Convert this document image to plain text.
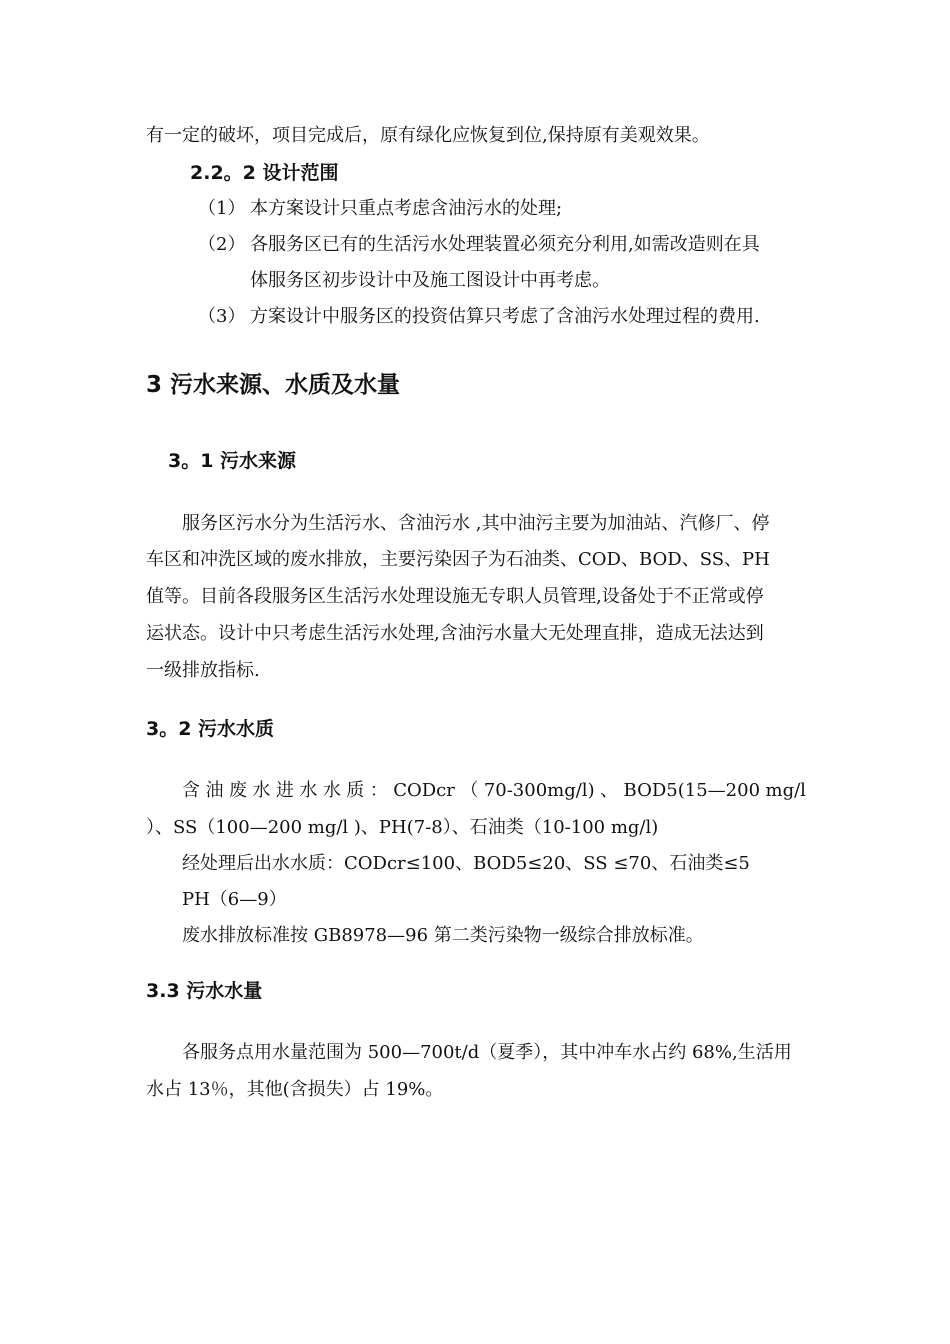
有一定的破坏，项目完成后，原有绿化应恢复到位,保持原有美观效果。
2.2。2 设计范围
（1） 本方案设计只重点考虑含油污水的处理;
（2） 各服务区已有的生活污水处理装置必须充分利用,如需改造则在具
体服务区初步设计中及施工图设计中再考虑。
（3） 方案设计中服务区的投资估算只考虑了含油污水处理过程的费用.
3 污水来源、水质及水量
3。1 污水来源
服务区污水分为生活污水、含油污水 ,其中油污主要为加油站、汽修厂、停
车区和冲洗区域的废水排放，主要污染因子为石油类、COD、BOD、SS、PH
值等。目前各段服务区生活污水处理设施无专职人员管理,设备处于不正常或停
运状态。设计中只考虑生活污水处理,含油污水量大无处理直排，造成无法达到
一级排放指标.
3。2 污水水质
含 油 废 水 进 水 水 质 ： CODcr （ 70-300mg/l) 、 BOD5(15—200 mg/l
）、SS（100—200 mg/l )、PH(7-8）、石油类（10-100 mg/l)
经处理后出水水质：CODcr≤100、BOD5≤20、SS ≤70、石油类≤5
PH（6—9）
废水排放标准按 GB8978—96 第二类污染物一级综合排放标准。
3.3 污水水量
各服务点用水量范围为 500—700t/d（夏季），其中冲车水占约 68%,生活用
水占 13％，其他(含损失）占 19%。
